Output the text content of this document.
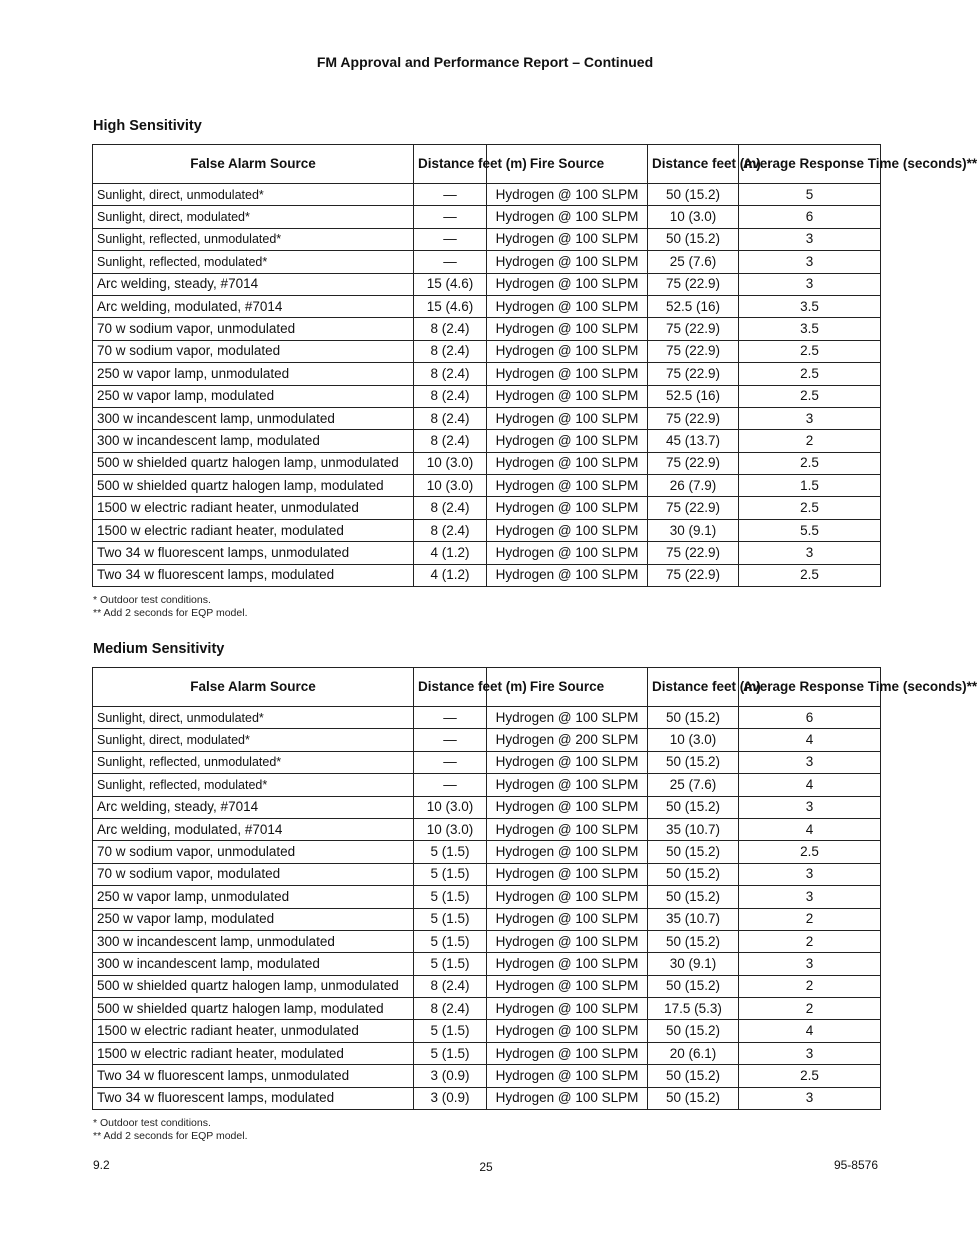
FM Approval and Performance Report – Continued
High Sensitivity
False Alarm Source	Distance feet (m)	Fire Source	Distance feet (m)	Average Response Time (seconds)**
Sunlight, direct, unmodulated*	—	Hydrogen @ 100 SLPM	50 (15.2)	5
Sunlight, direct, modulated*	—	Hydrogen @ 100 SLPM	10 (3.0)	6
Sunlight, reflected, unmodulated*	—	Hydrogen @ 100 SLPM	50 (15.2)	3
Sunlight, reflected, modulated*	—	Hydrogen @ 100 SLPM	25 (7.6)	3
Arc welding, steady, #7014	15 (4.6)	Hydrogen @ 100 SLPM	75 (22.9)	3
Arc welding, modulated, #7014	15 (4.6)	Hydrogen @ 100 SLPM	52.5 (16)	3.5
70 w sodium vapor, unmodulated	8 (2.4)	Hydrogen @ 100 SLPM	75 (22.9)	3.5
70 w sodium vapor, modulated	8 (2.4)	Hydrogen @ 100 SLPM	75 (22.9)	2.5
250 w vapor lamp, unmodulated	8 (2.4)	Hydrogen @ 100 SLPM	75 (22.9)	2.5
250 w vapor lamp, modulated	8 (2.4)	Hydrogen @ 100 SLPM	52.5 (16)	2.5
300 w incandescent lamp, unmodulated	8 (2.4)	Hydrogen @ 100 SLPM	75 (22.9)	3
300 w incandescent lamp, modulated	8 (2.4)	Hydrogen @ 100 SLPM	45 (13.7)	2
500 w shielded quartz halogen lamp, unmodulated	10 (3.0)	Hydrogen @ 100 SLPM	75 (22.9)	2.5
500 w shielded quartz halogen lamp, modulated	10 (3.0)	Hydrogen @ 100 SLPM	26 (7.9)	1.5
1500 w electric radiant heater, unmodulated	8 (2.4)	Hydrogen @ 100 SLPM	75 (22.9)	2.5
1500 w electric radiant heater, modulated	8 (2.4)	Hydrogen @ 100 SLPM	30 (9.1)	5.5
Two 34 w fluorescent lamps, unmodulated	4 (1.2)	Hydrogen @ 100 SLPM	75 (22.9)	3
Two 34 w fluorescent lamps, modulated	4 (1.2)	Hydrogen @ 100 SLPM	75 (22.9)	2.5
* Outdoor test conditions.
** Add 2 seconds for EQP model.
Medium Sensitivity
False Alarm Source	Distance feet (m)	Fire Source	Distance feet (m)	Average Response Time (seconds)**
Sunlight, direct, unmodulated*	—	Hydrogen @ 100 SLPM	50 (15.2)	6
Sunlight, direct, modulated*	—	Hydrogen @ 200 SLPM	10 (3.0)	4
Sunlight, reflected, unmodulated*	—	Hydrogen @ 100 SLPM	50 (15.2)	3
Sunlight, reflected, modulated*	—	Hydrogen @ 100 SLPM	25 (7.6)	4
Arc welding, steady, #7014	10 (3.0)	Hydrogen @ 100 SLPM	50 (15.2)	3
Arc welding, modulated, #7014	10 (3.0)	Hydrogen @ 100 SLPM	35 (10.7)	4
70 w sodium vapor, unmodulated	5 (1.5)	Hydrogen @ 100 SLPM	50 (15.2)	2.5
70 w sodium vapor, modulated	5 (1.5)	Hydrogen @ 100 SLPM	50 (15.2)	3
250 w vapor lamp, unmodulated	5 (1.5)	Hydrogen @ 100 SLPM	50 (15.2)	3
250 w vapor lamp, modulated	5 (1.5)	Hydrogen @ 100 SLPM	35 (10.7)	2
300 w incandescent lamp, unmodulated	5 (1.5)	Hydrogen @ 100 SLPM	50 (15.2)	2
300 w incandescent lamp, modulated	5 (1.5)	Hydrogen @ 100 SLPM	30 (9.1)	3
500 w shielded quartz halogen lamp, unmodulated	8 (2.4)	Hydrogen @ 100 SLPM	50 (15.2)	2
500 w shielded quartz halogen lamp, modulated	8 (2.4)	Hydrogen @ 100 SLPM	17.5 (5.3)	2
1500 w electric radiant heater, unmodulated	5 (1.5)	Hydrogen @ 100 SLPM	50 (15.2)	4
1500 w electric radiant heater, modulated	5 (1.5)	Hydrogen @ 100 SLPM	20 (6.1)	3
Two 34 w fluorescent lamps, unmodulated	3 (0.9)	Hydrogen @ 100 SLPM	50 (15.2)	2.5
Two 34 w fluorescent lamps, modulated	3 (0.9)	Hydrogen @ 100 SLPM	50 (15.2)	3
* Outdoor test conditions.
** Add 2 seconds for EQP model.
9.2	25	95-8576
